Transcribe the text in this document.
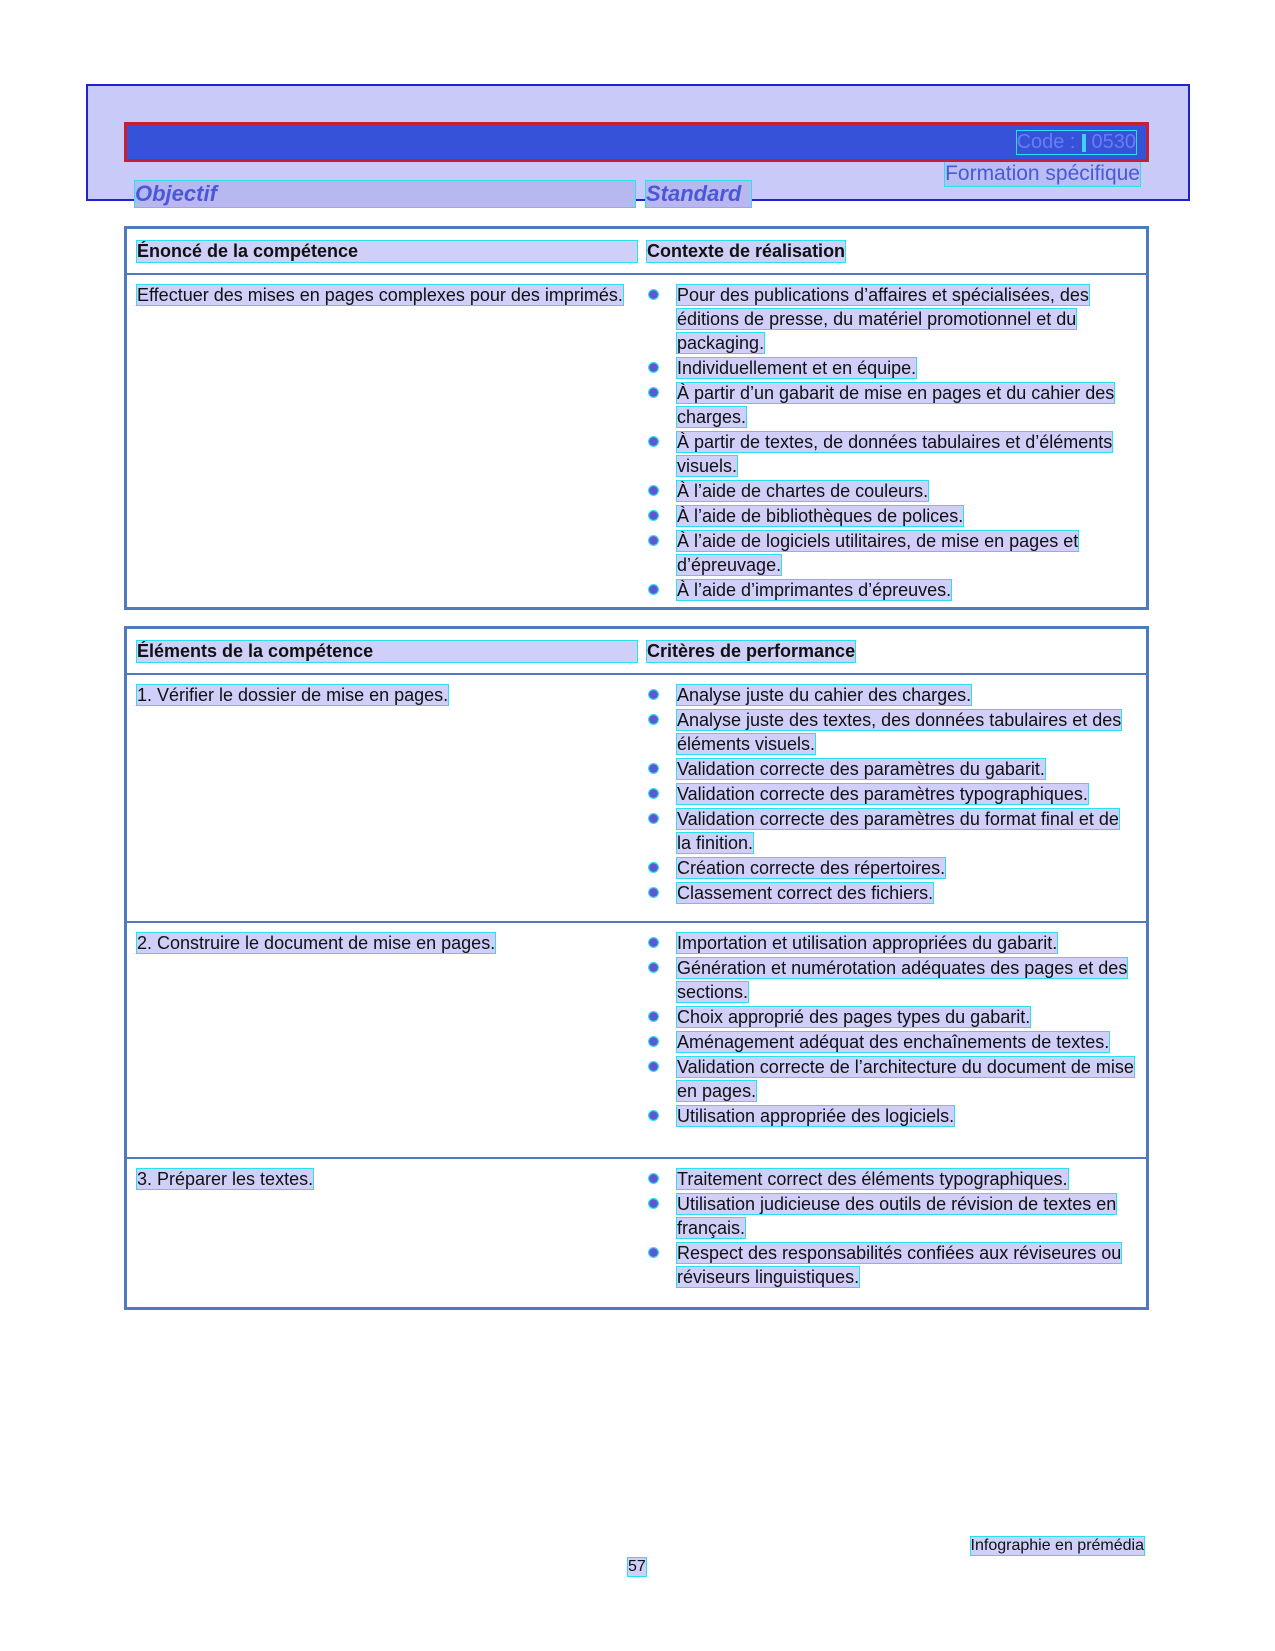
Formation spécifique
Code : 0530
Objectif	Standard
Énoncé de la compétence	Contexte de réalisation
Effectuer des mises en pages complexes pour des imprimés.	Pour des publications d’affaires et spécialisées, des éditions de presse, du matériel promotionnel et du packaging.
Individuellement et en équipe.
À partir d’un gabarit de mise en pages et du cahier des charges.
À partir de textes, de données tabulaires et d’éléments visuels.
À l’aide de chartes de couleurs.
À l’aide de bibliothèques de polices.
À l’aide de logiciels utilitaires, de mise en pages et d’épreuvage.
À l’aide d’imprimantes d’épreuves.
Éléments de la compétence	Critères de performance
1. Vérifier le dossier de mise en pages.	Analyse juste du cahier des charges.
Analyse juste des textes, des données tabulaires et des éléments visuels.
Validation correcte des paramètres du gabarit.
Validation correcte des paramètres typographiques.
Validation correcte des paramètres du format final et de la finition.
Création correcte des répertoires.
Classement correct des fichiers.
2. Construire le document de mise en pages.	Importation et utilisation appropriées du gabarit.
Génération et numérotation adéquates des pages et des sections.
Choix approprié des pages types du gabarit.
Aménagement adéquat des enchaînements de textes.
Validation correcte de l’architecture du document de mise en pages.
Utilisation appropriée des logiciels.
3. Préparer les textes.	Traitement correct des éléments typographiques.
Utilisation judicieuse des outils de révision de textes en français.
Respect des responsabilités confiées aux réviseures ou réviseurs linguistiques.
Infographie en prémédia
57
